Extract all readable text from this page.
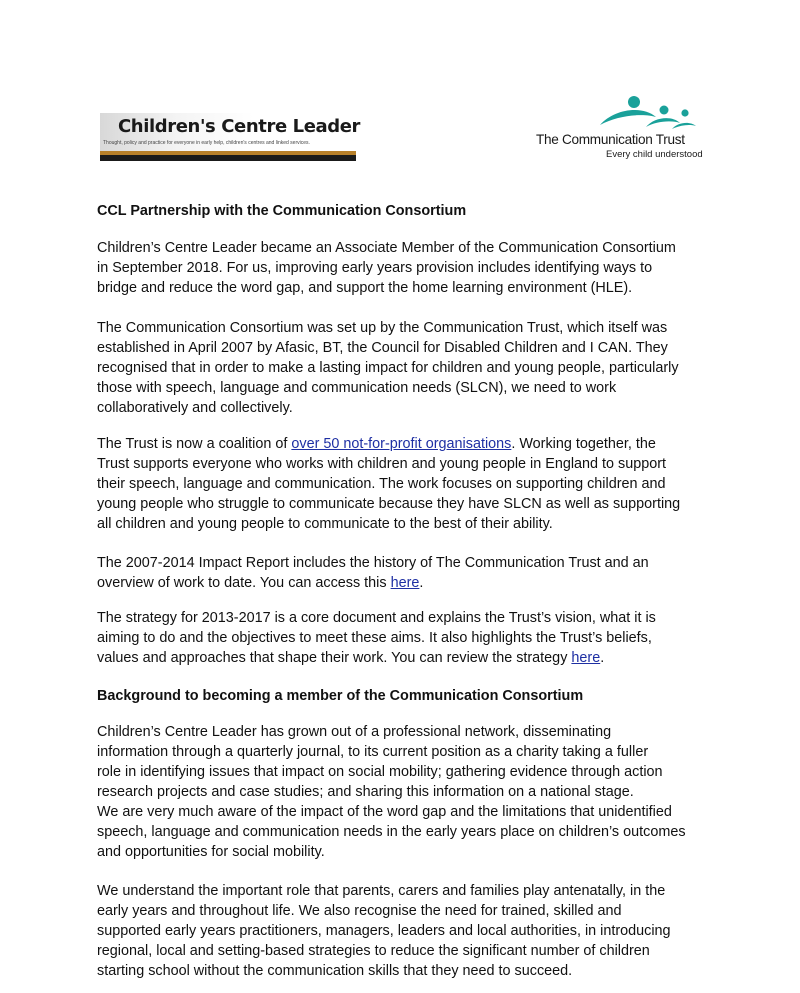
Children's Centre Leader
Thought, policy and practice for everyone in early help, children's centres and linked services.	The Communication Trust
Every child understood

CCL Partnership with the Communication Consortium

Children’s Centre Leader became an Associate Member of the Communication Consortium
in September 2018. For us, improving early years provision includes identifying ways to
bridge and reduce the word gap, and support the home learning environment (HLE).

The Communication Consortium was set up by the Communication Trust, which itself was
established in April 2007 by Afasic, BT, the Council for Disabled Children and I CAN. They
recognised that in order to make a lasting impact for children and young people, particularly
those with speech, language and communication needs (SLCN), we need to work
collaboratively and collectively.

The Trust is now a coalition of over 50 not-for-profit organisations. Working together, the
Trust supports everyone who works with children and young people in England to support
their speech, language and communication. The work focuses on supporting children and
young people who struggle to communicate because they have SLCN as well as supporting
all children and young people to communicate to the best of their ability.

The 2007-2014 Impact Report includes the history of The Communication Trust and an
overview of work to date. You can access this here.

The strategy for 2013-2017 is a core document and explains the Trust’s vision, what it is
aiming to do and the objectives to meet these aims. It also highlights the Trust’s beliefs,
values and approaches that shape their work. You can review the strategy here.

Background to becoming a member of the Communication Consortium

Children’s Centre Leader has grown out of a professional network, disseminating
information through a quarterly journal, to its current position as a charity taking a fuller
role in identifying issues that impact on social mobility; gathering evidence through action
research projects and case studies; and sharing this information on a national stage.
We are very much aware of the impact of the word gap and the limitations that unidentified
speech, language and communication needs in the early years place on children’s outcomes
and opportunities for social mobility.

We understand the important role that parents, carers and families play antenatally, in the
early years and throughout life. We also recognise the need for trained, skilled and
supported early years practitioners, managers, leaders and local authorities, in introducing
regional, local and setting-based strategies to reduce the significant number of children
starting school without the communication skills that they need to succeed.
